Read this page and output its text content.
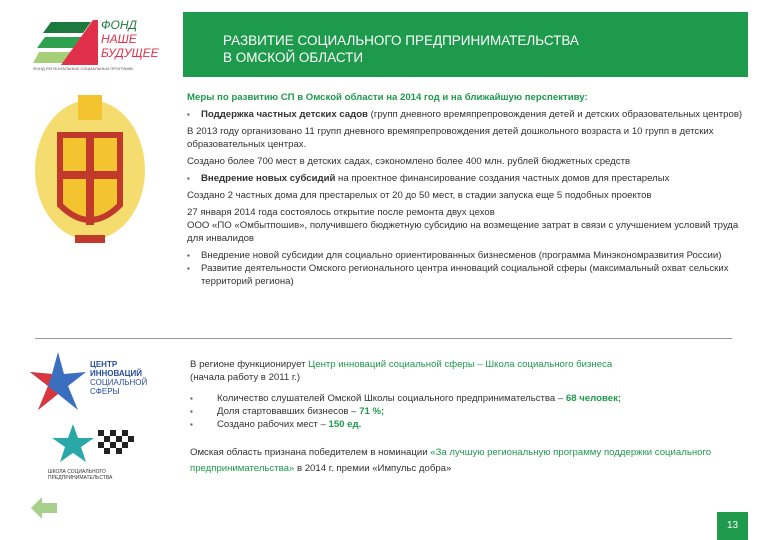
ФОНД
НАШЕ
БУДУЩЕЕ
ФОНД РЕГИОНАЛЬНЫХ СОЦИАЛЬНЫХ ПРОГРАММ
РАЗВИТИЕ СОЦИАЛЬНОГО ПРЕДПРИНИМАТЕЛЬСТВА
В ОМСКОЙ ОБЛАСТИ

Меры по развитию СП в Омской области на 2014 год и на ближайшую перспективу:

▪ Поддержка частных детских садов (групп дневного времяпрепровождения детей и детских образовательных центров)

В 2013 году организовано 11 групп дневного времяпрепровождения детей дошкольного возраста и 10 групп в детских образовательных центрах.

Создано более 700 мест в детских садах, сэкономлено более 400 млн. рублей бюджетных средств

▪ Внедрение новых субсидий на проектное финансирование создания частных домов для престарелых

Создано 2 частных дома для престарелых от 20 до 50 мест, в стадии запуска еще 5 подобных проектов

27 января 2014 года состоялось открытие после ремонта двух цехов
ООО «ПО «Омбытпошив», получившего бюджетную субсидию на возмещение затрат в связи с улучшением условий труда для инвалидов

▪ Внедрение новой субсидии для социально ориентированных бизнесменов (программа Минэкономразвития России)

▪ Развитие деятельности Омского регионального центра инноваций социальной сферы (максимальный охват сельских территорий региона)

ЦЕНТР
ИННОВАЦИЙ
СОЦИАЛЬНОЙ
СФЕРЫ
ШКОЛА СОЦИАЛЬНОГО ПРЕДПРИНИМАТЕЛЬСТВА

В регионе функционирует Центр инноваций социальной сферы – Школа социального бизнеса
(начала работу в 2011 г.)

▪ Количество слушателей Омской Школы социального предпринимательства – 68 человек;

▪ Доля стартовавших бизнесов – 71 %;

▪ Создано рабочих мест – 150 ед.

Омская область признана победителем в номинации «За лучшую региональную программу поддержки социального предпринимательства» в 2014 г. премии «Импульс добра»

13
